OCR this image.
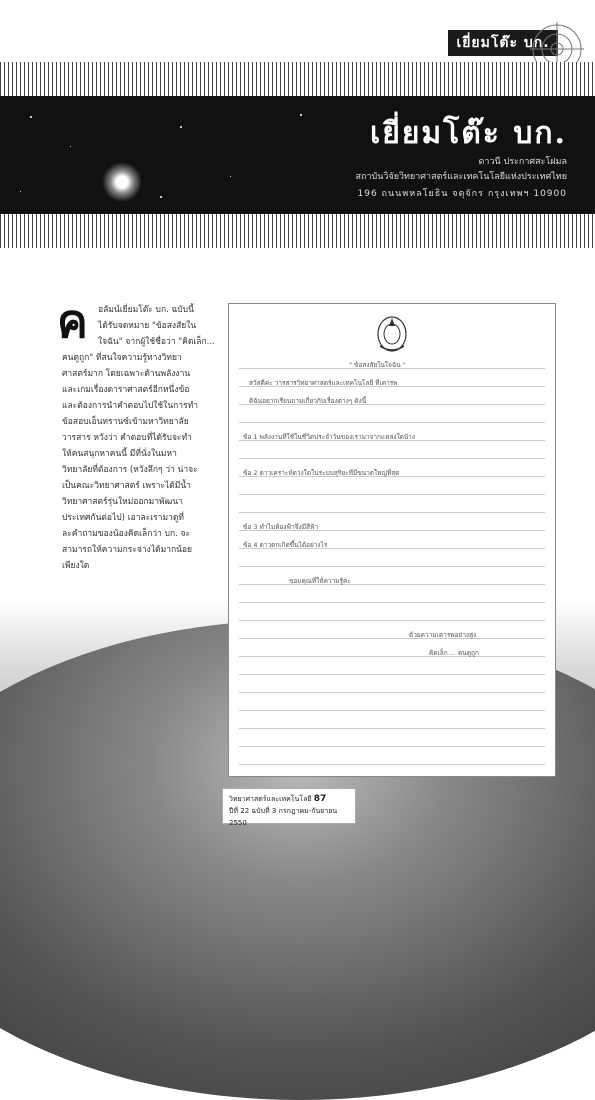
เยี่ยมโต๊ะ บก.
เยี่ยมโต๊ะ บก.
ดาวนี ประกาศสะโฝมล
สถาบันวิจัยวิทยาศาสตร์และเทคโนโลยีแห่งประเทศไทย
196 ถนนพหลโยธิน จตุจักร กรุงเทพฯ 10900
ค อลัมน์เยี่ยมโต๊ะ บก. ฉบับนี้
ได้รับจดหมาย "ข้อสงสัยใน
ใจฉัน" จากผู้ใช้ชื่อว่า "คิดเล็ก...
คนดูถูก" ที่สนใจความรู้ทางวิทยา
ศาสตร์มาก โดยเฉพาะด้านพลังงาน
และเกมเรื่องดาราศาสตร์อีกหนึ่งข้อ
และต้องการนำคำตอบไปใช้ในการทำ
ข้อสอบเอ็นทรานซ์เข้ามหาวิทยาลัย
วารสาร หวังว่า คำตอบที่ได้รับจะทำ
ให้คนสนุกหาคนนี้ มีที่นั่งในมหา
วิทยาลัยที่ต้องการ (หวังลึกๆ ว่า น่าจะ
เป็นคณะวิทยาศาสตร์ เพราะได้มีน้ำ
วิทยาศาสตร์รุ่นใหม่ออกมาพัฒนา
ประเทศกันต่อไป) เอาละเรามาดูที่
ละคำถามของน้องคิดเล็กว่า บก. จะ
สามารถให้ความกระจ่างได้มากน้อย
เพียงใด
" ข้อสงสัยในใจฉัน "
สวัสดีค่ะ วารสารวิทยาศาสตร์และเทคโนโลยี ที่เคารพ
ดิฉันอยากเรียนถามเกี่ยวกับเรื่องต่างๆ ดังนี้
ข้อ 1 พลังงานที่ใช้ในชีวิตประจำวันของเรามาจากแหล่งใดบ้าง
ข้อ 2 ดาวเคราะห์ดวงใดในระบบสุริยะที่มีขนาดใหญ่ที่สุด
ข้อ 3 ทำไมท้องฟ้าจึงมีสีฟ้า
ข้อ 4 ดาวตกเกิดขึ้นได้อย่างไร
ขอบคุณที่ให้ความรู้ค่ะ
ด้วยความเคารพอย่างสูง
คิดเล็ก ... คนดูถูก
วิทยาศาสตร์และเทคโนโลยี 87
ปีที่ 22 ฉบับที่ 3 กรกฎาคม-กันยายน 2550
